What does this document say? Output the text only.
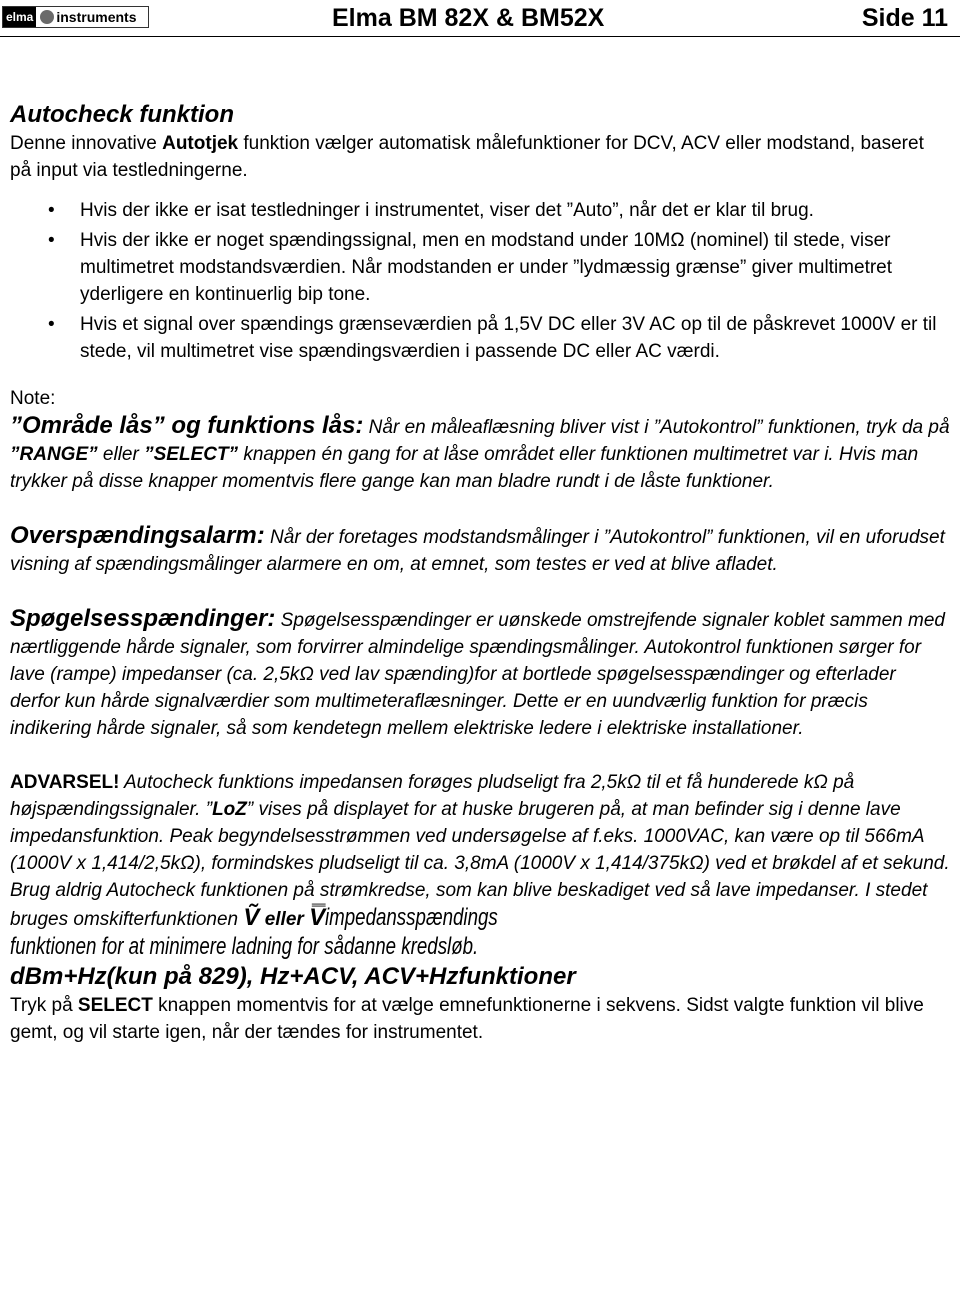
elma instruments	Elma BM 82X & BM52X	Side 11
Autocheck funktion

Denne innovative Autotjek funktion vælger automatisk målefunktioner for DCV, ACV eller modstand, baseret på input via testledningerne.

• Hvis der ikke er isat testledninger i instrumentet, viser det ”Auto”, når det er klar til brug.
• Hvis der ikke er noget spændingssignal, men en modstand under 10MΩ (nominel) til stede, viser multimetret modstandsværdien. Når modstanden er under ”lydmæssig grænse” giver multimetret yderligere en kontinuerlig bip tone.
• Hvis et signal over spændings grænseværdien på 1,5V DC eller 3V AC op til de påskrevet 1000V er til stede, vil multimetret vise spændingsværdien i passende DC eller AC værdi.

Note:

”Område lås” og funktions lås: Når en måleaflæsning bliver vist i ”Autokontrol” funktionen, tryk da på ”RANGE” eller ”SELECT” knappen én gang for at låse området eller funktionen multimetret var i. Hvis man trykker på disse knapper momentvis flere gange kan man bladre rundt i de låste funktioner.

Overspændingsalarm: Når der foretages modstandsmålinger i ”Autokontrol” funktionen, vil en uforudset visning af spændingsmålinger alarmere en om, at emnet, som testes er ved at blive afladet.

Spøgelsesspændinger: Spøgelsesspændinger er uønskede omstrejfende signaler koblet sammen med nærtliggende hårde signaler, som forvirrer almindelige spændingsmålinger. Autokontrol funktionen sørger for lave (rampe) impedanser (ca. 2,5kΩ ved lav spænding)for at bortlede spøgelsesspændinger og efterlader derfor kun hårde signalværdier som multimeteraflæsninger. Dette er en uundværlig funktion for præcis indikering hårde signaler, så som kendetegn mellem elektriske ledere i elektriske installationer.

ADVARSEL! Autocheck funktions impedansen forøges pludseligt fra 2,5kΩ til et få hunderede kΩ på højspændingssignaler. ”LoZ” vises på displayet for at huske brugeren på, at man befinder sig i denne lave impedansfunktion. Peak begyndelsesstrømmen ved undersøgelse af f.eks. 1000VAC, kan være op til 566mA (1000V x 1,414/2,5kΩ), formindskes pludseligt til ca. 3,8mA (1000V x 1,414/375kΩ) ved et brøkdel af et sekund. Brug aldrig Autocheck funktionen på strømkredse, som kan blive beskadiget ved så lave impedanser. I stedet bruges omskifterfunktionen Ṽ eller V̿impedansspændings
funktionen for at minimere ladning for sådanne kredsløb.

dBm+Hz(kun på 829), Hz+ACV, ACV+Hzfunktioner

Tryk på SELECT knappen momentvis for at vælge emnefunktionerne i sekvens. Sidst valgte funktion vil blive gemt, og vil starte igen, når der tændes for instrumentet.
